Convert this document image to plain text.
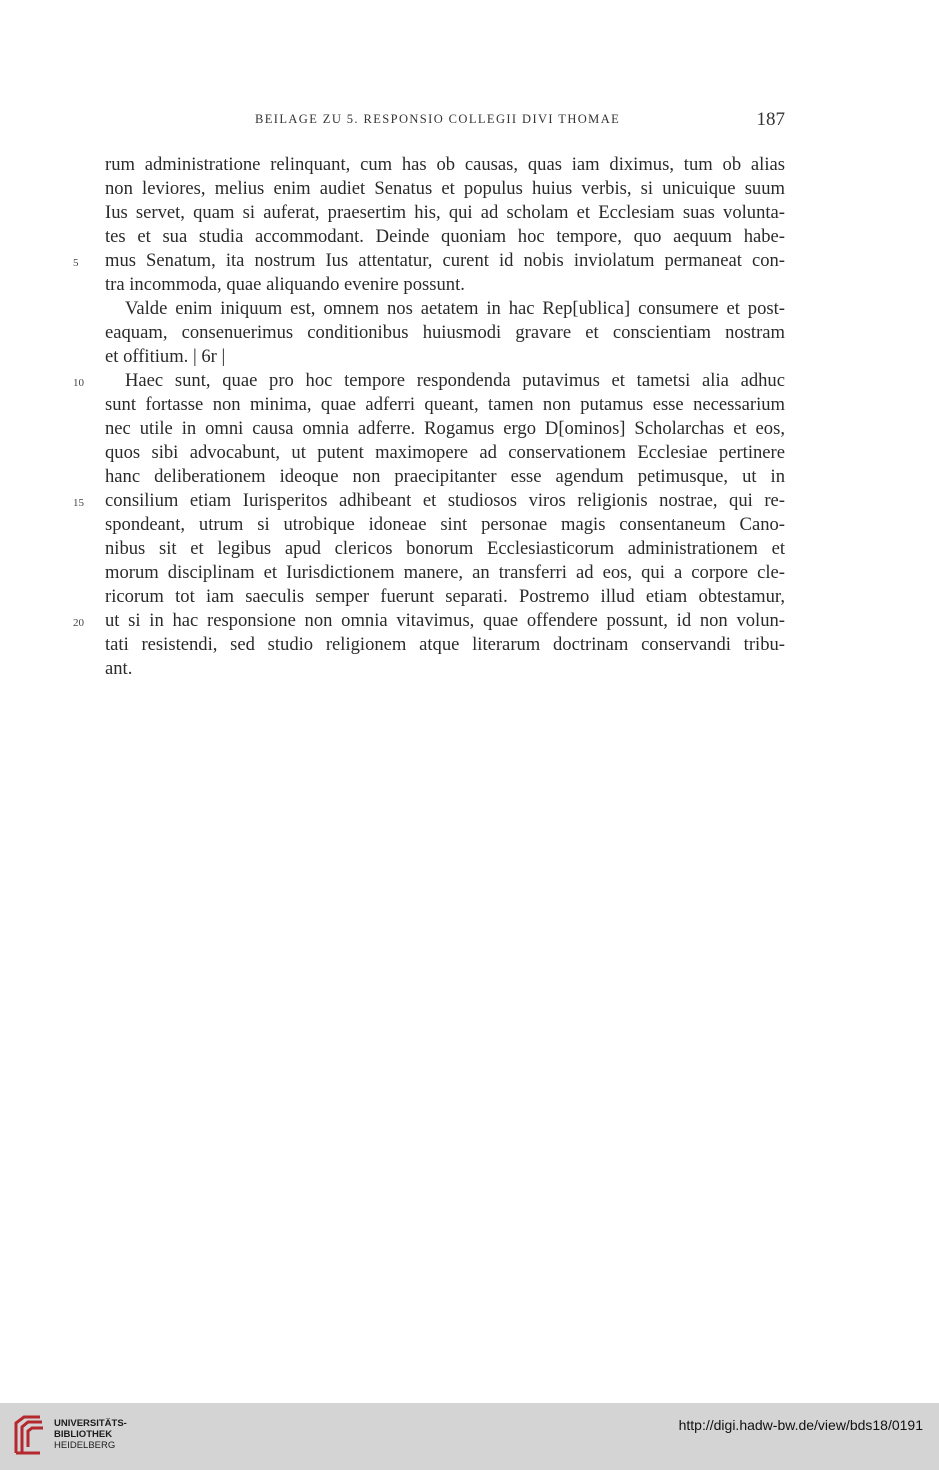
BEILAGE ZU 5. RESPONSIO COLLEGII DIVI THOMAE	187
rum administratione relinquant, cum has ob causas, quas iam diximus, tum ob alias
non leviores, melius enim audiet Senatus et populus huius verbis, si unicuique suum
Ius servet, quam si auferat, praesertim his, qui ad scholam et Ecclesiam suas volunta-
tes et sua studia accommodant. Deinde quoniam hoc tempore, quo aequum habe-
5	mus Senatum, ita nostrum Ius attentatur, curent id nobis inviolatum permaneat con-
tra incommoda, quae aliquando evenire possunt.
Valde enim iniquum est, omnem nos aetatem in hac Rep[ublica] consumere et post-
eaquam, consenuerimus conditionibus huiusmodi gravare et conscientiam nostram
et offitium. | 6r |
10	Haec sunt, quae pro hoc tempore respondenda putavimus et tametsi alia adhuc
sunt fortasse non minima, quae adferri queant, tamen non putamus esse necessarium
nec utile in omni causa omnia adferre. Rogamus ergo D[ominos] Scholarchas et eos,
quos sibi advocabunt, ut putent maximopere ad conservationem Ecclesiae pertinere
hanc deliberationem ideoque non praecipitanter esse agendum petimusque, ut in
15	consilium etiam Iurisperitos adhibeant et studiosos viros religionis nostrae, qui re-
spondeant, utrum si utrobique idoneae sint personae magis consentaneum Cano-
nibus sit et legibus apud clericos bonorum Ecclesiasticorum administrationem et
morum disciplinam et Iurisdictionem manere, an transferri ad eos, qui a corpore cle-
ricorum tot iam saeculis semper fuerunt separati. Postremo illud etiam obtestamur,
20	ut si in hac responsione non omnia vitavimus, quae offendere possunt, id non volun-
tati resistendi, sed studio religionem atque literarum doctrinam conservandi tribu-
ant.
UNIVERSITÄTS-
BIBLIOTHEK
HEIDELBERG
http://digi.hadw-bw.de/view/bds18/0191
